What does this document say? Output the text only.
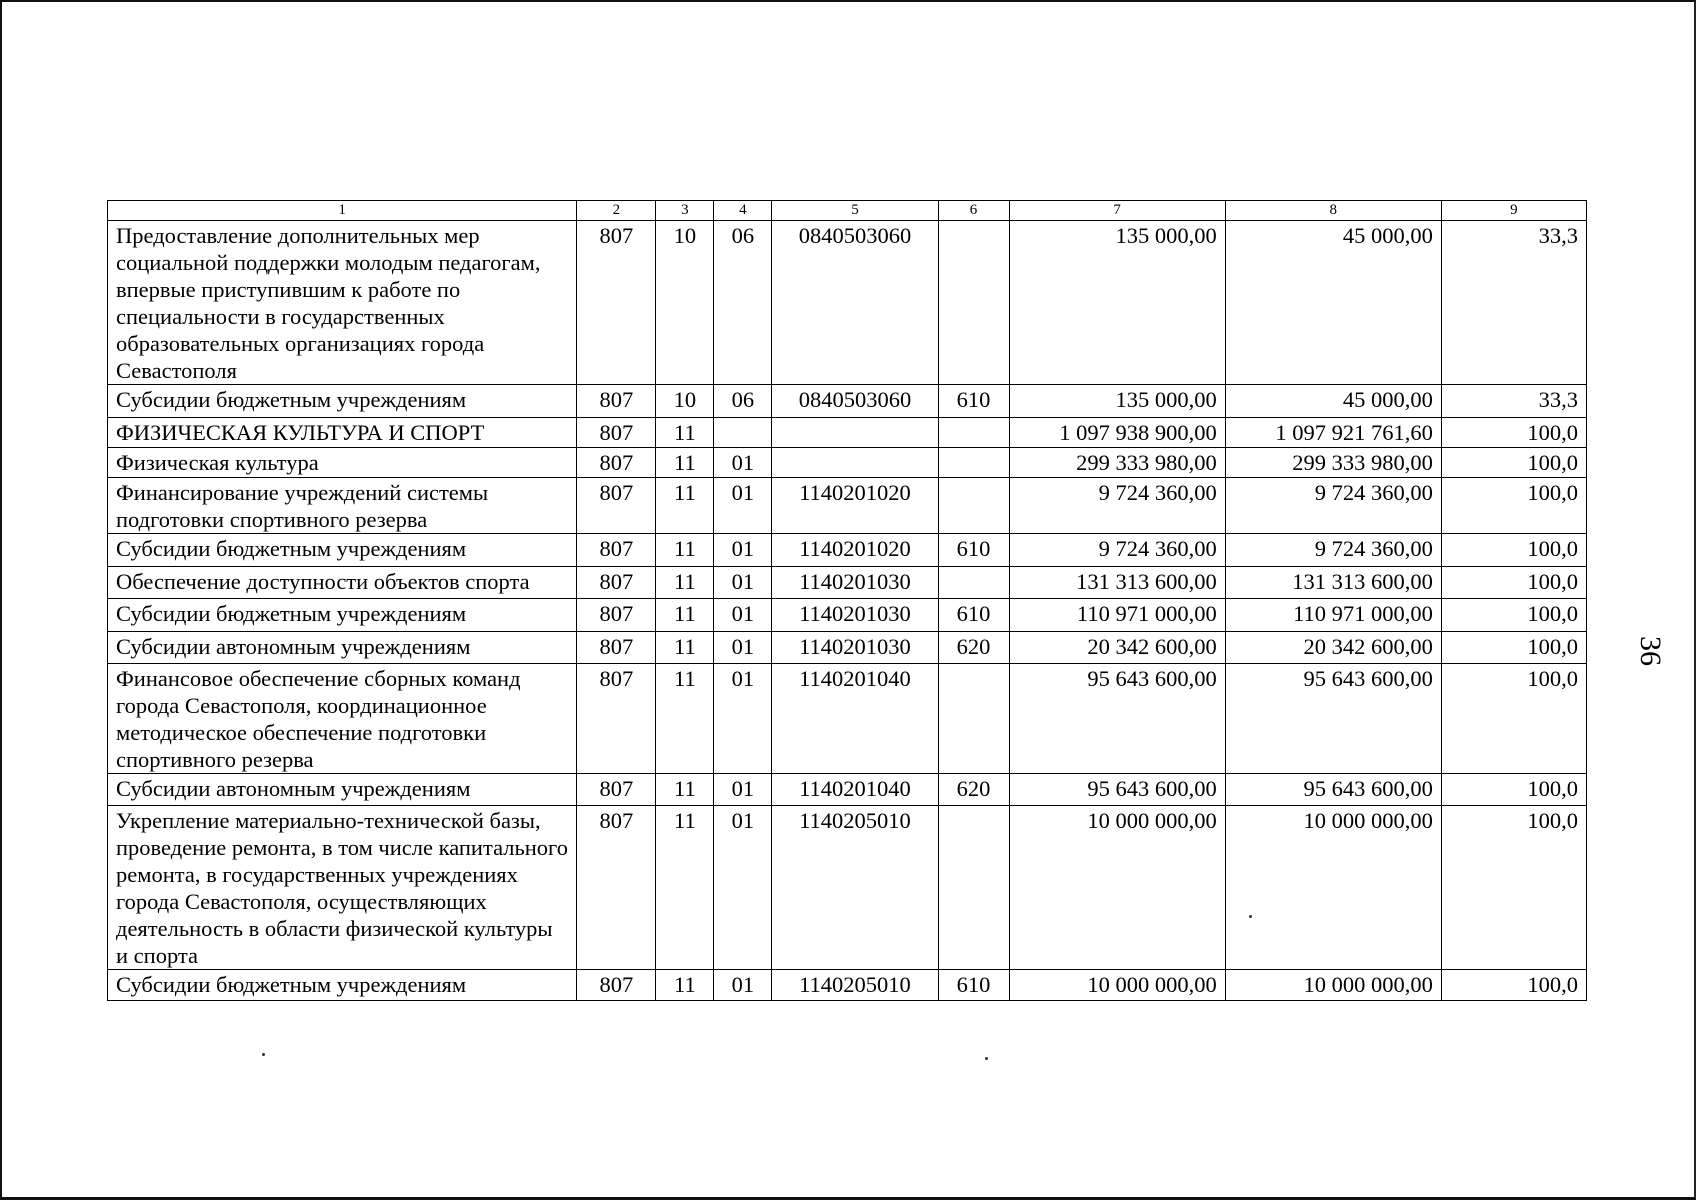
1	2	3	4	5	6	7	8	9
Предоставление дополнительных мер социальной поддержки молодым педагогам, впервые приступившим к работе по специальности в государственных образовательных организациях города Севастополя	807	10	06	0840503060		135 000,00	45 000,00	33,3
Субсидии бюджетным учреждениям	807	10	06	0840503060	610	135 000,00	45 000,00	33,3
ФИЗИЧЕСКАЯ КУЛЬТУРА И СПОРТ	807	11				1 097 938 900,00	1 097 921 761,60	100,0
Физическая культура	807	11	01			299 333 980,00	299 333 980,00	100,0
Финансирование учреждений системы подготовки спортивного резерва	807	11	01	1140201020		9 724 360,00	9 724 360,00	100,0
Субсидии бюджетным учреждениям	807	11	01	1140201020	610	9 724 360,00	9 724 360,00	100,0
Обеспечение доступности объектов спорта	807	11	01	1140201030		131 313 600,00	131 313 600,00	100,0
Субсидии бюджетным учреждениям	807	11	01	1140201030	610	110 971 000,00	110 971 000,00	100,0
Субсидии автономным учреждениям	807	11	01	1140201030	620	20 342 600,00	20 342 600,00	100,0
Финансовое обеспечение сборных команд города Севастополя, координационное методическое обеспечение подготовки спортивного резерва	807	11	01	1140201040		95 643 600,00	95 643 600,00	100,0
Субсидии автономным учреждениям	807	11	01	1140201040	620	95 643 600,00	95 643 600,00	100,0
Укрепление материально-технической базы, проведение ремонта, в том числе капитального ремонта, в государственных учреждениях города Севастополя, осуществляющих деятельность в области физической культуры и спорта	807	11	01	1140205010		10 000 000,00	10 000 000,00	100,0
Субсидии бюджетным учреждениям	807	11	01	1140205010	610	10 000 000,00	10 000 000,00	100,0
36
